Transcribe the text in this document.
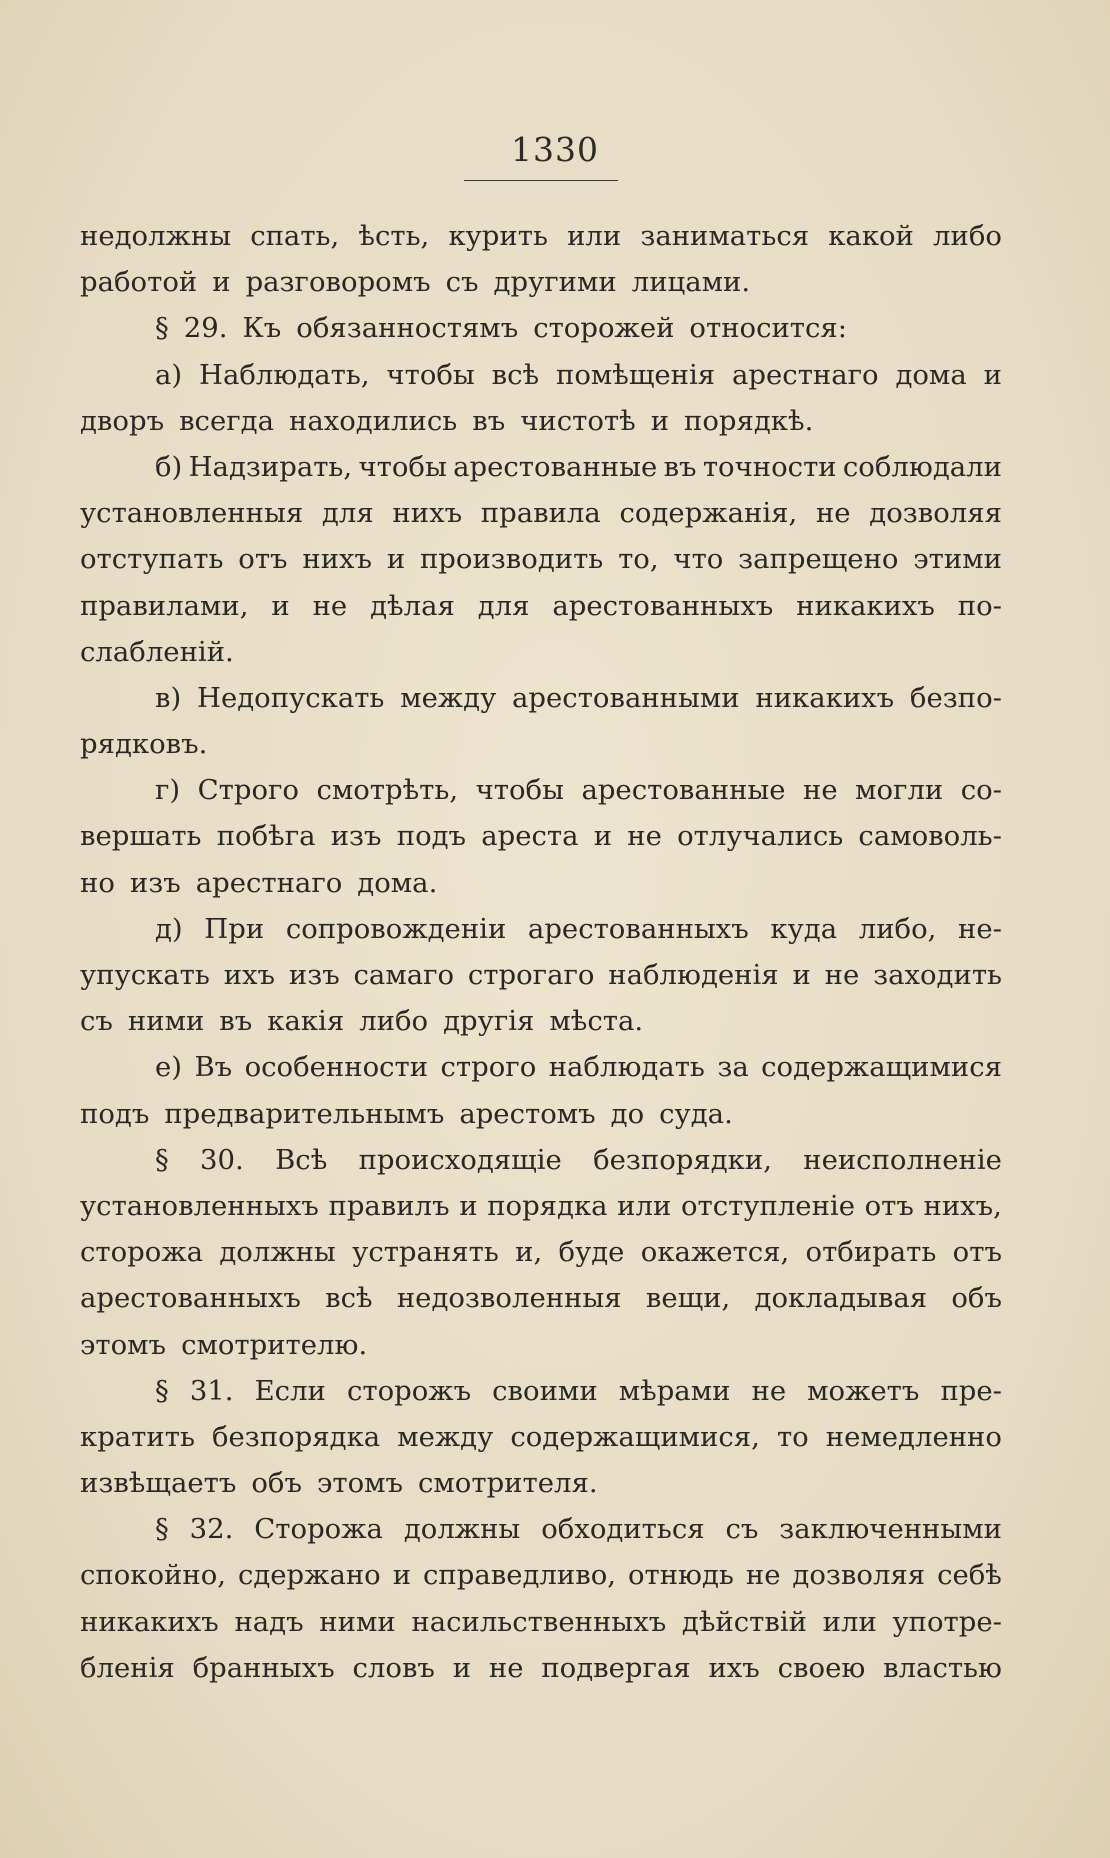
1330
недолжны спать, ѣсть, курить или заниматься какой либо
работой и разговоромъ съ другими лицами.
§ 29. Къ обязанностямъ сторожей относится:
а) Наблюдать, чтобы всѣ помѣщенія арестнаго дома и
дворъ всегда находились въ чистотѣ и порядкѣ.
б) Надзирать, чтобы арестованные въ точности соблюдали
установленныя для нихъ правила содержанія, не дозволяя
отступать отъ нихъ и производить то, что запрещено этими
правилами, и не дѣлая для арестованныхъ никакихъ по-
слабленій.
в) Недопускать между арестованными никакихъ безпо-
рядковъ.
г) Строго смотрѣть, чтобы арестованные не могли со-
вершать побѣга изъ подъ ареста и не отлучались самоволь-
но изъ арестнаго дома.
д) При сопровожденіи арестованныхъ куда либо, не-
упускать ихъ изъ самаго строгаго наблюденія и не заходить
съ ними въ какія либо другія мѣста.
е) Въ особенности строго наблюдать за содержащимися
подъ предварительнымъ арестомъ до суда.
§ 30. Всѣ происходящіе безпорядки, неисполненіе
установленныхъ правилъ и порядка или отступленіе отъ нихъ,
сторожа должны устранять и, буде окажется, отбирать отъ
арестованныхъ всѣ недозволенныя вещи, докладывая объ
этомъ смотрителю.
§ 31. Если сторожъ своими мѣрами не можетъ пре-
кратить безпорядка между содержащимися, то немедленно
извѣщаетъ объ этомъ смотрителя.
§ 32. Сторожа должны обходиться съ заключенными
спокойно, сдержано и справедливо, отнюдь не дозволяя себѣ
никакихъ надъ ними насильственныхъ дѣйствій или употре-
бленія бранныхъ словъ и не подвергая ихъ своею властью
